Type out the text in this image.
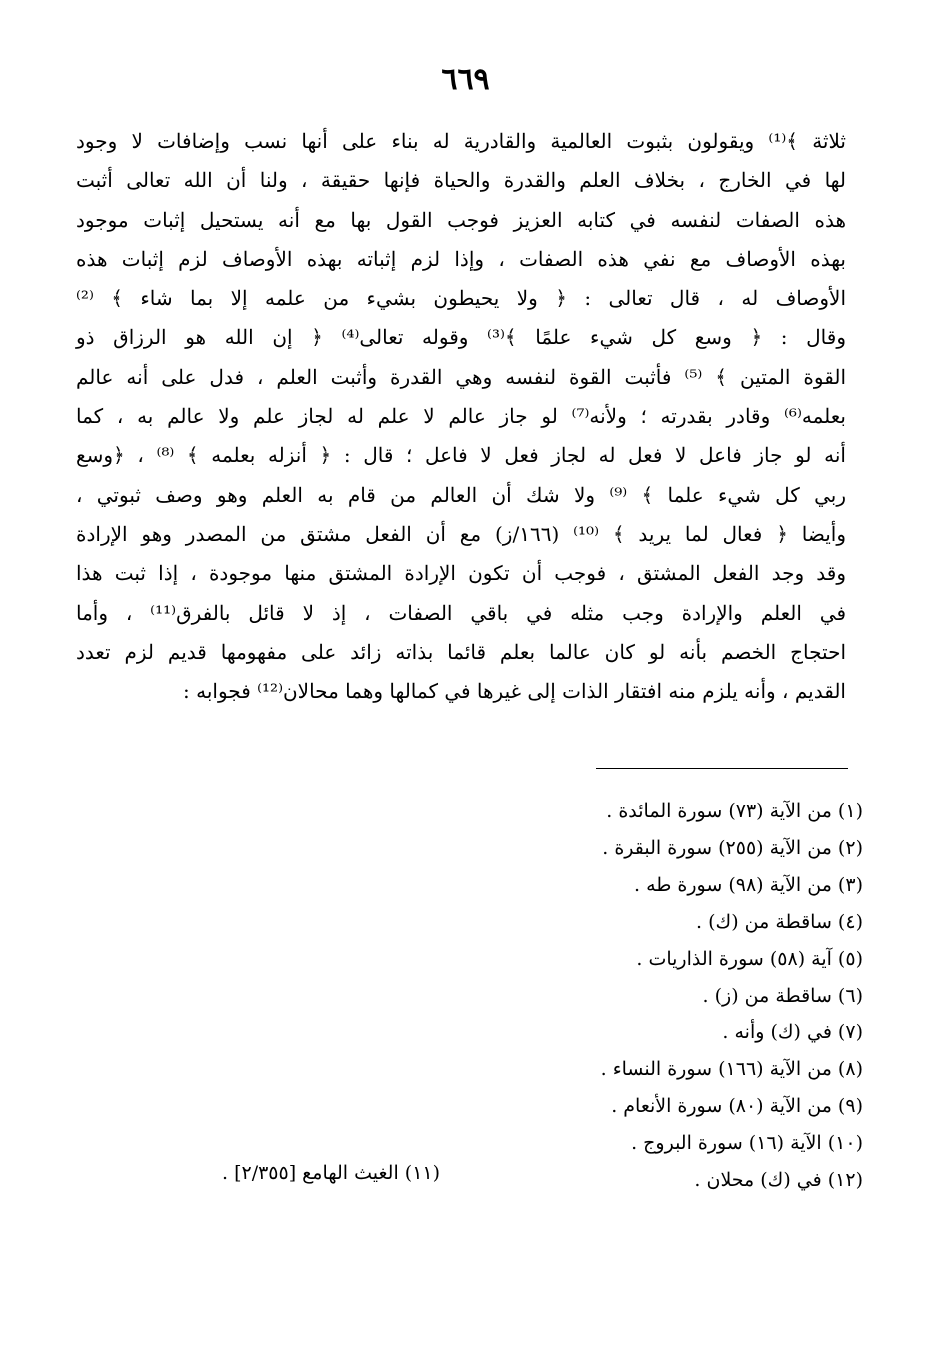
٦٦٩
ثلاثة ﴾⁽¹⁾ ويقولون بثبوت العالمية والقادرية له بناء على أنها نسب وإضافات لا وجود
لها في الخارج ، بخلاف العلم والقدرة والحياة فإنها حقيقة ، ولنا أن الله تعالى أثبت
هذه الصفات لنفسه في كتابه العزيز فوجب القول بها مع أنه يستحيل إثبات موجود
بهذه الأوصاف مع نفي هذه الصفات ، وإذا لزم إثباته بهذه الأوصاف لزم إثبات هذه
الأوصاف له ، قال تعالى : ﴿ ولا يحيطون بشيء من علمه إلا بما شاء ﴾ ⁽²⁾
وقال : ﴿ وسع كل شيء علمًا ﴾⁽³⁾ وقوله تعالى⁽⁴⁾ ﴿ إن الله هو الرزاق ذو
القوة المتين ﴾ ⁽⁵⁾ فأثبت القوة لنفسه وهي القدرة وأثبت العلم ، فدل على أنه عالم
بعلمه⁽⁶⁾ وقادر بقدرته ؛ ولأنه⁽⁷⁾ لو جاز عالم لا علم له لجاز علم ولا عالم به ، كما
أنه لو جاز فاعل لا فعل له لجاز فعل لا فاعل ؛ قال : ﴿ أنزله بعلمه ﴾ ⁽⁸⁾ ، ﴿وسع
ربي كل شيء علما ﴾ ⁽⁹⁾ ولا شك أن العالم من قام به العلم وهو وصف ثبوتي ،
وأيضا ﴿ فعال لما يريد ﴾ ⁽¹⁰⁾ (١٦٦/ز) مع أن الفعل مشتق من المصدر وهو الإرادة
وقد وجد الفعل المشتق ، فوجب أن تكون الإرادة المشتق منها موجودة ، إذا ثبت هذا
في العلم والإرادة وجب مثله في باقي الصفات ، إذ لا قائل بالفرق⁽¹¹⁾ ، وأما
احتجاج الخصم بأنه لو كان عالما بعلم قائما بذاته زائد على مفهومها قديم لزم تعدد
القديم ، وأنه يلزم منه افتقار الذات إلى غيرها في كمالها وهما محالان⁽¹²⁾ فجوابه :
(١) من الآية (٧٣) سورة المائدة .
(٢) من الآية (٢٥٥) سورة البقرة .
(٣) من الآية (٩٨) سورة طه .
(٤) ساقطة من (ك) .
(٥) آية (٥٨) سورة الذاريات .
(٦) ساقطة من (ز) .
(٧) في (ك) وأنه .
(٨) من الآية (١٦٦) سورة النساء .
(٩) من الآية (٨٠) سورة الأنعام .
(١٠) الآية (١٦) سورة البروج .
(١٢) في (ك) محلان .
(١١) الغيث الهامع [٢/٣٥٥] .
